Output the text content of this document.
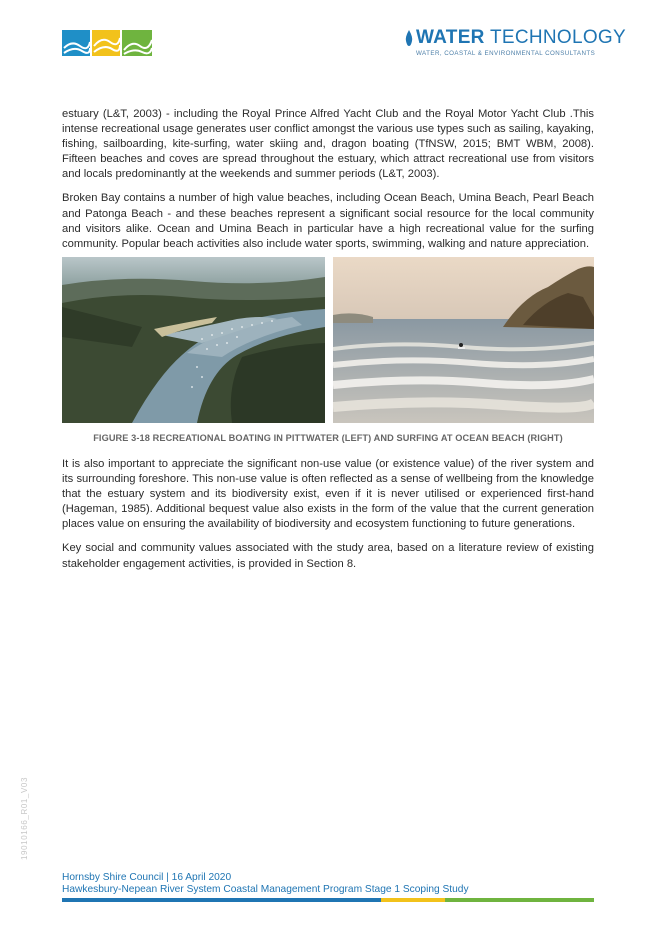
WATER TECHNOLOGY
WATER, COASTAL & ENVIRONMENTAL CONSULTANTS

estuary (L&T, 2003) - including the Royal Prince Alfred Yacht Club and the Royal Motor Yacht Club .This intense recreational usage generates user conflict amongst the various use types such as sailing, kayaking, fishing, sailboarding, kite-surfing, water skiing and, dragon boating (TfNSW, 2015; BMT WBM, 2008). Fifteen beaches and coves are spread throughout the estuary, which attract recreational use from visitors and locals predominantly at the weekends and summer periods (L&T, 2003).

Broken Bay contains a number of high value beaches, including Ocean Beach, Umina Beach, Pearl Beach and Patonga Beach - and these beaches represent a significant social resource for the local community and visitors alike. Ocean and Umina Beach in particular have a high recreational value for the surfing community. Popular beach activities also include water sports, swimming, walking and nature appreciation.

FIGURE 3-18 RECREATIONAL BOATING IN PITTWATER (LEFT) AND SURFING AT OCEAN BEACH (RIGHT)

It is also important to appreciate the significant non-use value (or existence value) of the river system and its surrounding foreshore. This non-use value is often reflected as a sense of wellbeing from the knowledge that the estuary system and its biodiversity exist, even if it is never utilised or experienced first-hand (Hageman, 1985). Additional bequest value also exists in the form of the value that the current generation places value on ensuring the availability of biodiversity and ecosystem functioning to future generations.

Key social and community values associated with the study area, based on a literature review of existing stakeholder engagement activities, is provided in Section 8.

19010166_R01_V03
Hornsby Shire Council | 16 April 2020
Hawkesbury-Nepean River System Coastal Management Program Stage 1 Scoping Study
